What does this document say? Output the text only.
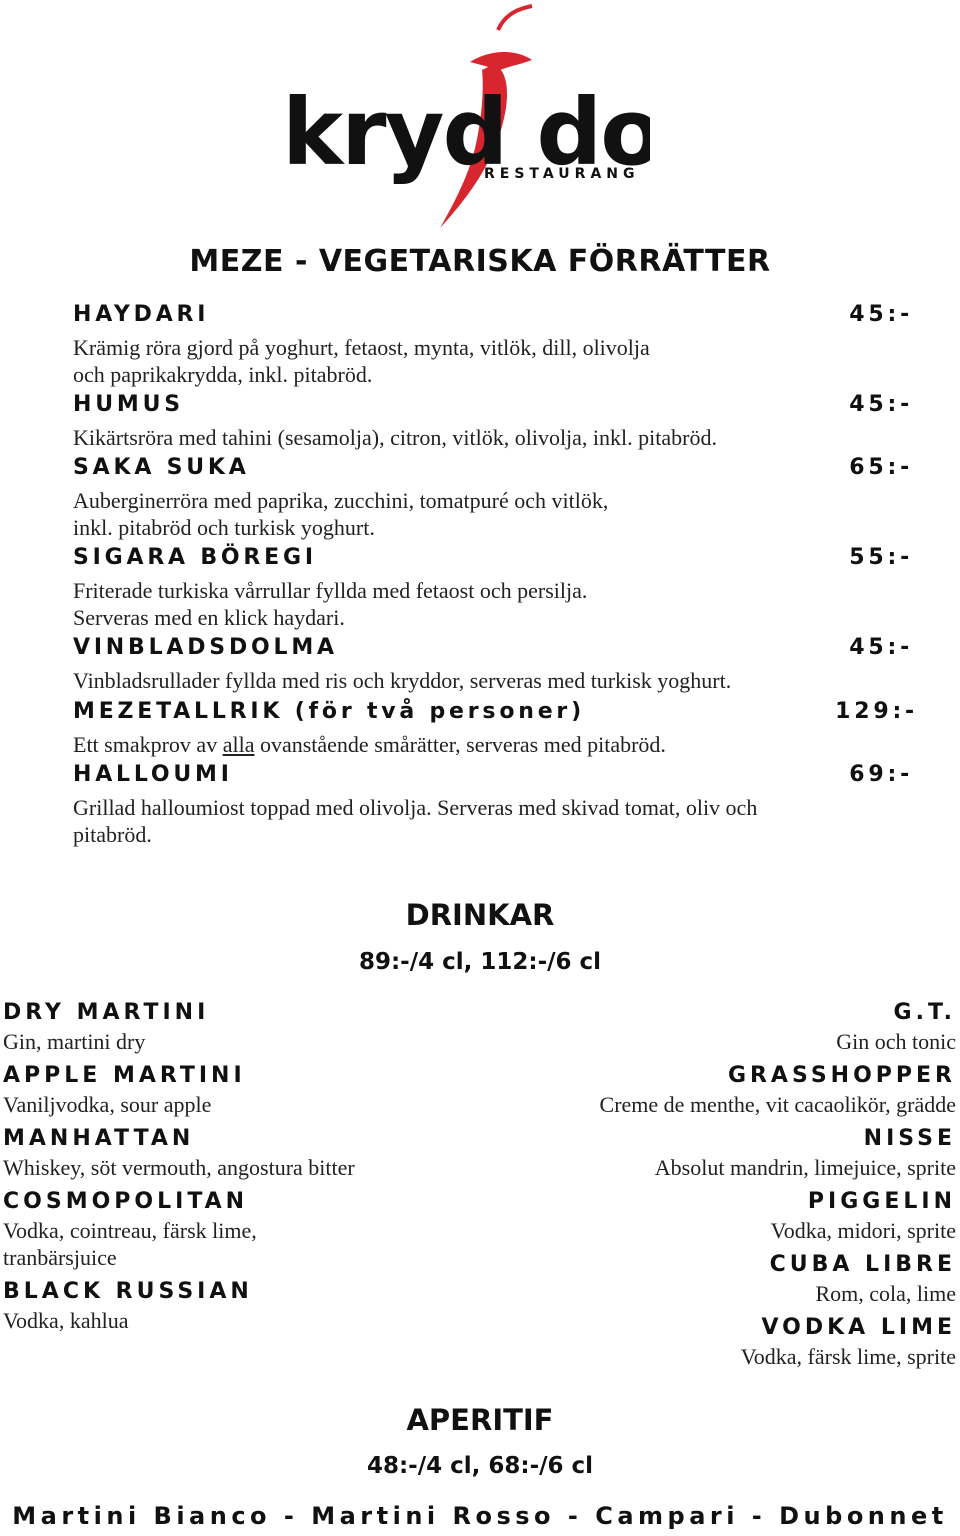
kryd do
RESTAURANG
MEZE - VEGETARISKA FÖRRÄTTER
HAYDARI	45:-
Krämig röra gjord på yoghurt, fetaost, mynta, vitlök, dill, olivolja
och paprikakrydda, inkl. pitabröd.
HUMUS	45:-
Kikärtsröra med tahini (sesamolja), citron, vitlök, olivolja, inkl. pitabröd.
SAKA SUKA	65:-
Auberginerröra med paprika, zucchini, tomatpuré och vitlök,
inkl. pitabröd och turkisk yoghurt.
SIGARA BÖREGI	55:-
Friterade turkiska vårrullar fyllda med fetaost och persilja.
Serveras med en klick haydari.
VINBLADSDOLMA	45:-
Vinbladsrullader fyllda med ris och kryddor, serveras med turkisk yoghurt.
MEZETALLRIK (för två personer)	129:-
Ett smakprov av alla ovanstående smårätter, serveras med pitabröd.
HALLOUMI	69:-
Grillad halloumiost toppad med olivolja. Serveras med skivad tomat, oliv och
pitabröd.
DRINKAR
89:-/4 cl, 112:-/6 cl
DRY MARTINI
Gin, martini dry
APPLE MARTINI
Vaniljvodka, sour apple
MANHATTAN
Whiskey, söt vermouth, angostura bitter
COSMOPOLITAN
Vodka, cointreau, färsk lime,
tranbärsjuice
BLACK RUSSIAN
Vodka, kahlua
G.T.
Gin och tonic
GRASSHOPPER
Creme de menthe, vit cacaolikör, grädde
NISSE
Absolut mandrin, limejuice, sprite
PIGGELIN
Vodka, midori, sprite
CUBA LIBRE
Rom, cola, lime
VODKA LIME
Vodka, färsk lime, sprite
APERITIF
48:-/4 cl, 68:-/6 cl
Martini Bianco - Martini Rosso - Campari - Dubonnet
